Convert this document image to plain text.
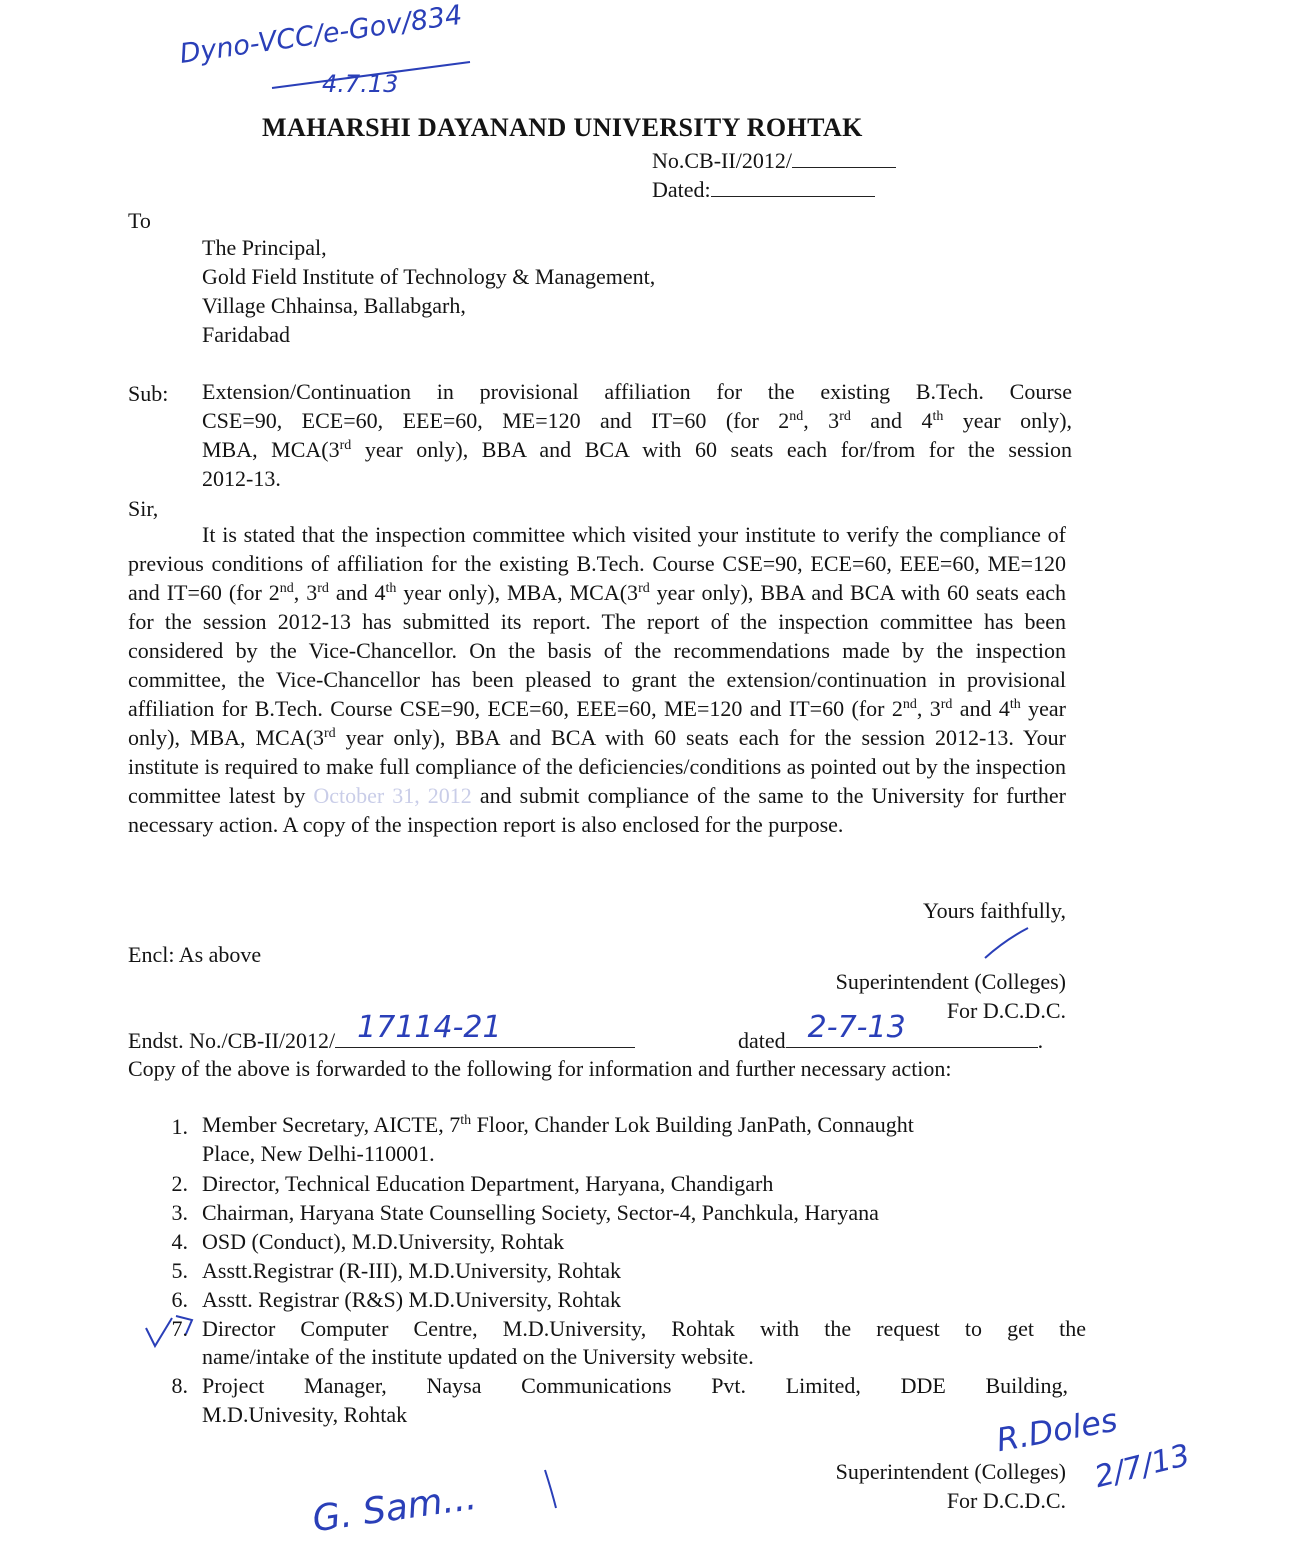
Dyno-VCC/e-Gov/834
4.7.13
MAHARSHI DAYANAND UNIVERSITY ROHTAK
No.CB-II/2012/
Dated:
To
The Principal,
Gold Field Institute of Technology & Management,
Village Chhainsa, Ballabgarh,
Faridabad
Sub: Extension/Continuation in provisional affiliation for the existing B.Tech. Course
CSE=90, ECE=60, EEE=60, ME=120 and IT=60 (for 2nd, 3rd and 4th year only),
MBA, MCA(3rd year only), BBA and BCA with 60 seats each for/from for the session
2012-13.
Sir,
It is stated that the inspection committee which visited your institute to verify the compliance of previous conditions of affiliation for the existing B.Tech. Course CSE=90, ECE=60, EEE=60, ME=120 and IT=60 (for 2nd, 3rd and 4th year only), MBA, MCA(3rd year only), BBA and BCA with 60 seats each for the session 2012-13 has submitted its report. The report of the inspection committee has been considered by the Vice-Chancellor. On the basis of the recommendations made by the inspection committee, the Vice-Chancellor has been pleased to grant the extension/continuation in provisional affiliation for B.Tech. Course CSE=90, ECE=60, EEE=60, ME=120 and IT=60 (for 2nd, 3rd and 4th year only), MBA, MCA(3rd year only), BBA and BCA with 60 seats each for the session 2012-13. Your institute is required to make full compliance of the deficiencies/conditions as pointed out by the inspection committee latest by October 31, 2012 and submit compliance of the same to the University for further necessary action. A copy of the inspection report is also enclosed for the purpose.
Yours faithfully,
Encl: As above
Superintendent (Colleges)
For D.C.D.C.
Endst. No./CB-II/2012/ 17114-21	dated 2-7-13	.
Copy of the above is forwarded to the following for information and further necessary action:
1. Member Secretary, AICTE, 7th Floor, Chander Lok Building JanPath, Connaught
Place, New Delhi-110001.
2. Director, Technical Education Department, Haryana, Chandigarh
3. Chairman, Haryana State Counselling Society, Sector-4, Panchkula, Haryana
4. OSD (Conduct), M.D.University, Rohtak
5. Asstt.Registrar (R-III), M.D.University, Rohtak
6. Asstt. Registrar (R&S) M.D.University, Rohtak
7. Director Computer Centre, M.D.University, Rohtak with the request to get the
name/intake of the institute updated on the University website.
8. Project Manager, Naysa Communications Pvt. Limited, DDE Building,
M.D.Univesity, Rohtak	R.Doles
2/7/13
Superintendent (Colleges)
For D.C.D.C.
G. Sam...
